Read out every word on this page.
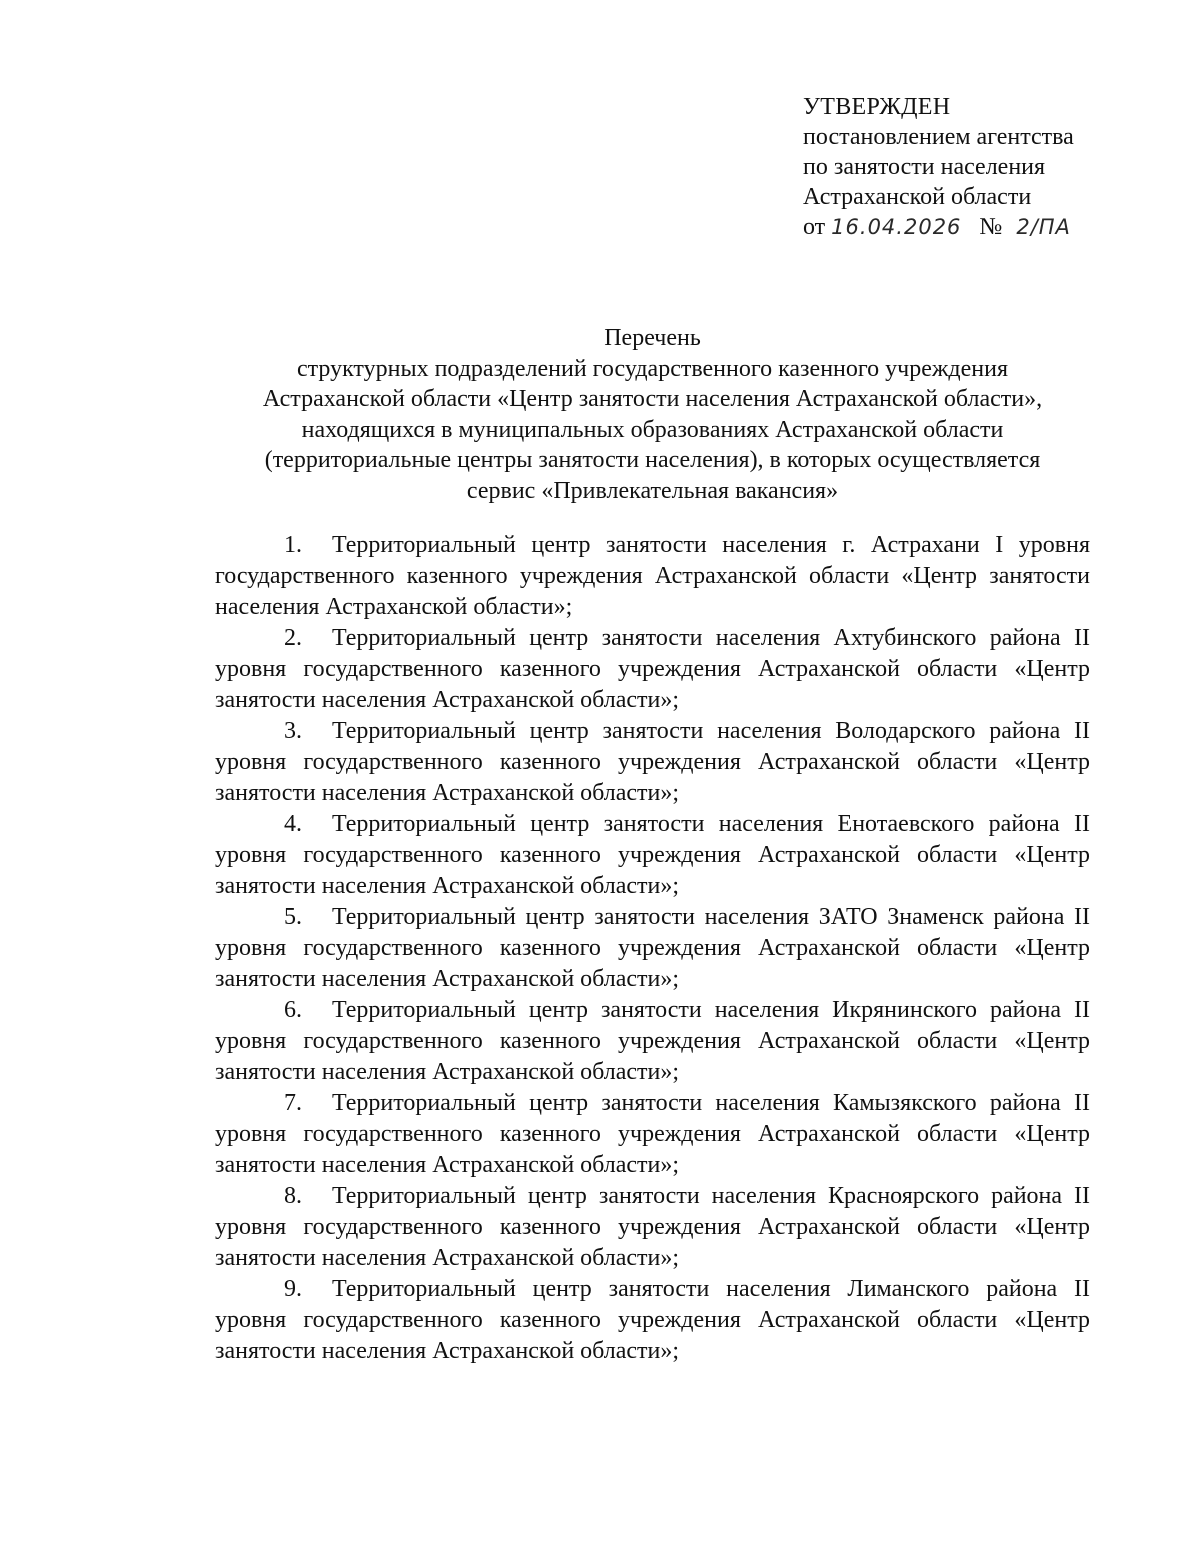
УТВЕРЖДЕН
постановлением агентства
по занятости населения
Астраханской области
от 16.04.2026 № 2/ПА
Перечень
структурных подразделений государственного казенного учреждения
Астраханской области «Центр занятости населения Астраханской области»,
находящихся в муниципальных образованиях Астраханской области
(территориальные центры занятости населения), в которых осуществляется
сервис «Привлекательная вакансия»

1. Территориальный центр занятости населения г. Астрахани I уровня государственного казенного учреждения Астраханской области «Центр занятости населения Астраханской области»;

2. Территориальный центр занятости населения Ахтубинского района II уровня государственного казенного учреждения Астраханской области «Центр занятости населения Астраханской области»;

3. Территориальный центр занятости населения Володарского района II уровня государственного казенного учреждения Астраханской области «Центр занятости населения Астраханской области»;

4. Территориальный центр занятости населения Енотаевского района II уровня государственного казенного учреждения Астраханской области «Центр занятости населения Астраханской области»;

5. Территориальный центр занятости населения ЗАТО Знаменск района II уровня государственного казенного учреждения Астраханской области «Центр занятости населения Астраханской области»;

6. Территориальный центр занятости населения Икрянинского района II уровня государственного казенного учреждения Астраханской области «Центр занятости населения Астраханской области»;

7. Территориальный центр занятости населения Камызякского района II уровня государственного казенного учреждения Астраханской области «Центр занятости населения Астраханской области»;

8. Территориальный центр занятости населения Красноярского района II уровня государственного казенного учреждения Астраханской области «Центр занятости населения Астраханской области»;

9. Территориальный центр занятости населения Лиманского района II уровня государственного казенного учреждения Астраханской области «Центр занятости населения Астраханской области»;
